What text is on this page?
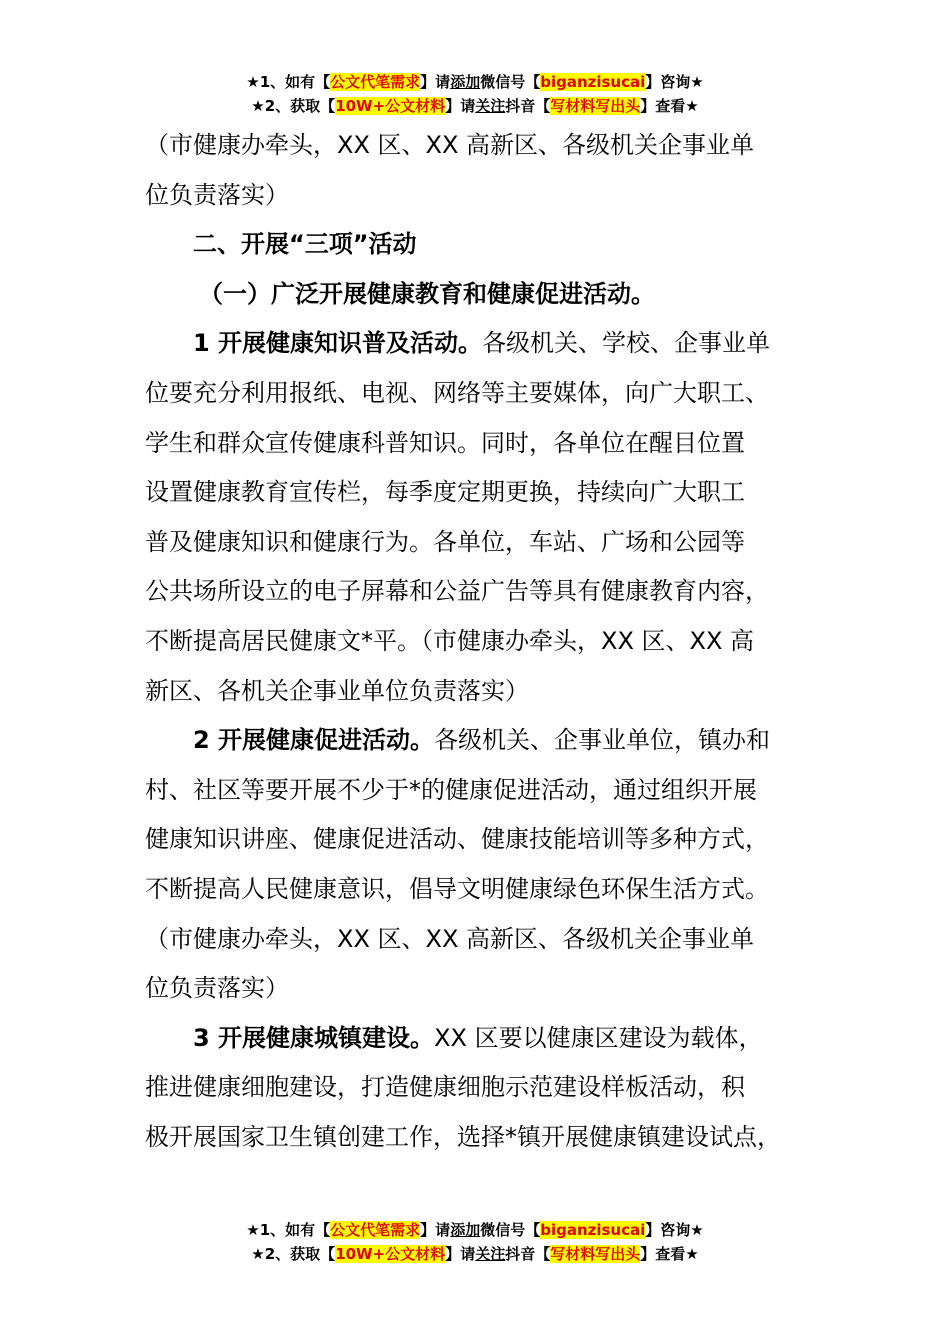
★1、如有【公文代笔需求】请添加微信号【biganzisucai】咨询★
★2、获取【10W+公文材料】请关注抖音【写材料写出头】查看★
（市健康办牵头，XX 区、XX 高新区、各级机关企事业单
位负责落实）
二、开展“三项”活动
（一）广泛开展健康教育和健康促进活动。
1 开展健康知识普及活动。各级机关、学校、企事业单
位要充分利用报纸、电视、网络等主要媒体，向广大职工、
学生和群众宣传健康科普知识。同时，各单位在醒目位置
设置健康教育宣传栏，每季度定期更换，持续向广大职工
普及健康知识和健康行为。各单位，车站、广场和公园等
公共场所设立的电子屏幕和公益广告等具有健康教育内容，
不断提高居民健康文*平。（市健康办牵头，XX 区、XX 高
新区、各机关企事业单位负责落实）
2 开展健康促进活动。各级机关、企事业单位，镇办和
村、社区等要开展不少于*的健康促进活动，通过组织开展
健康知识讲座、健康促进活动、健康技能培训等多种方式，
不断提高人民健康意识，倡导文明健康绿色环保生活方式。
（市健康办牵头，XX 区、XX 高新区、各级机关企事业单
位负责落实）
3 开展健康城镇建设。XX 区要以健康区建设为载体，
推进健康细胞建设，打造健康细胞示范建设样板活动，积
极开展国家卫生镇创建工作，选择*镇开展健康镇建设试点，
★1、如有【公文代笔需求】请添加微信号【biganzisucai】咨询★
★2、获取【10W+公文材料】请关注抖音【写材料写出头】查看★
